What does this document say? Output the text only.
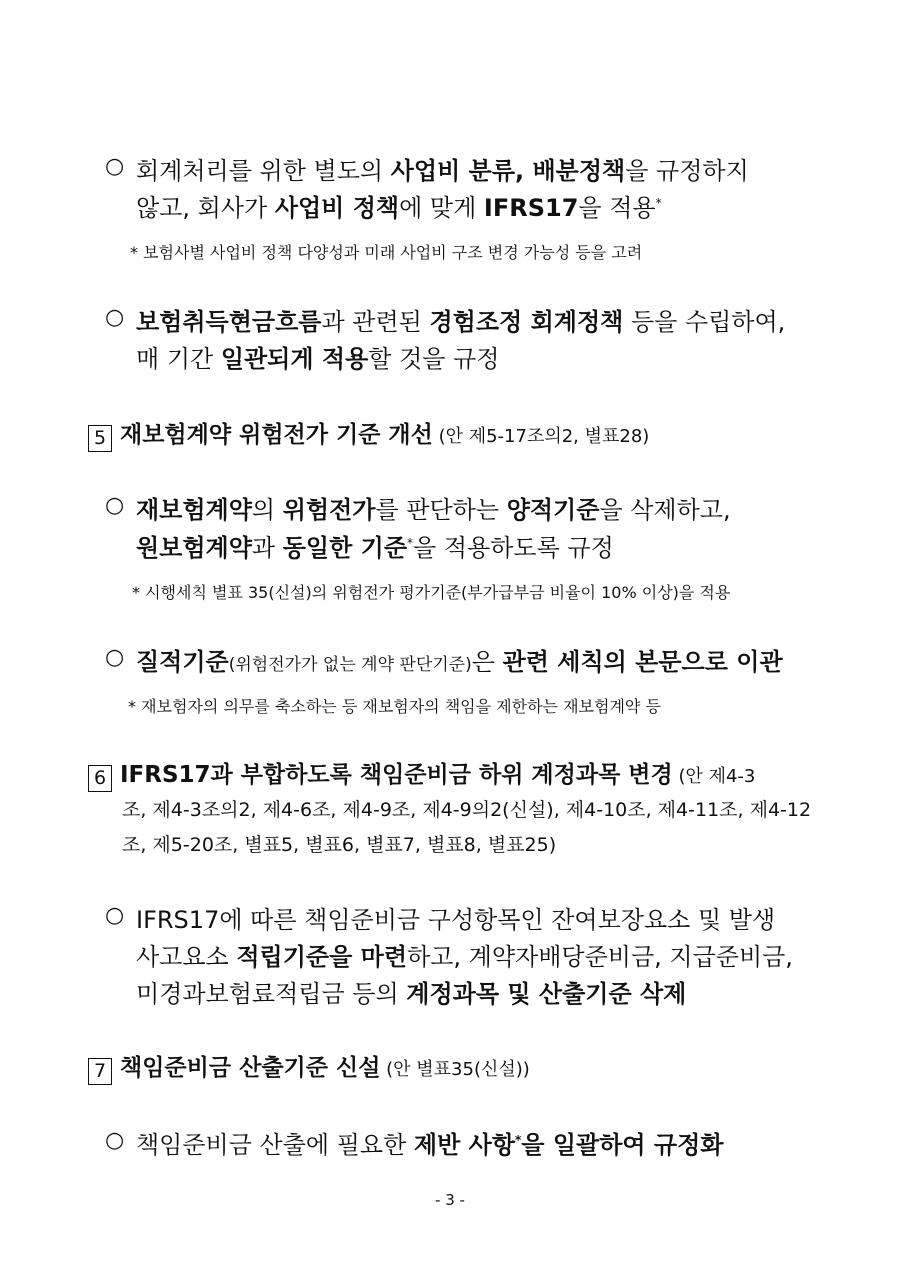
○ 회계처리를 위한 별도의 사업비 분류, 배분정책을 규정하지
않고, 회사가 사업비 정책에 맞게 IFRS17을 적용*
* 보험사별 사업비 정책 다양성과 미래 사업비 구조 변경 가능성 등을 고려
○ 보험취득현금흐름과 관련된 경험조정 회계정책 등을 수립하여,
매 기간 일관되게 적용할 것을 규정
5 재보험계약 위험전가 기준 개선 (안 제5-17조의2, 별표28)
○ 재보험계약의 위험전가를 판단하는 양적기준을 삭제하고,
원보험계약과 동일한 기준*을 적용하도록 규정
* 시행세칙 별표 35(신설)의 위험전가 평가기준(부가급부금 비율이 10% 이상)을 적용
○ 질적기준(위험전가가 없는 계약 판단기준)은 관련 세칙의 본문으로 이관
* 재보험자의 의무를 축소하는 등 재보험자의 책임을 제한하는 재보험계약 등
6 IFRS17과 부합하도록 책임준비금 하위 계정과목 변경 (안 제4-3
조, 제4-3조의2, 제4-6조, 제4-9조, 제4-9의2(신설), 제4-10조, 제4-11조, 제4-12
조, 제5-20조, 별표5, 별표6, 별표7, 별표8, 별표25)
○ IFRS17에 따른 책임준비금 구성항목인 잔여보장요소 및 발생
사고요소 적립기준을 마련하고, 계약자배당준비금, 지급준비금,
미경과보험료적립금 등의 계정과목 및 산출기준 삭제
7 책임준비금 산출기준 신설 (안 별표35(신설))
○ 책임준비금 산출에 필요한 제반 사항*을 일괄하여 규정화
- 3 -
